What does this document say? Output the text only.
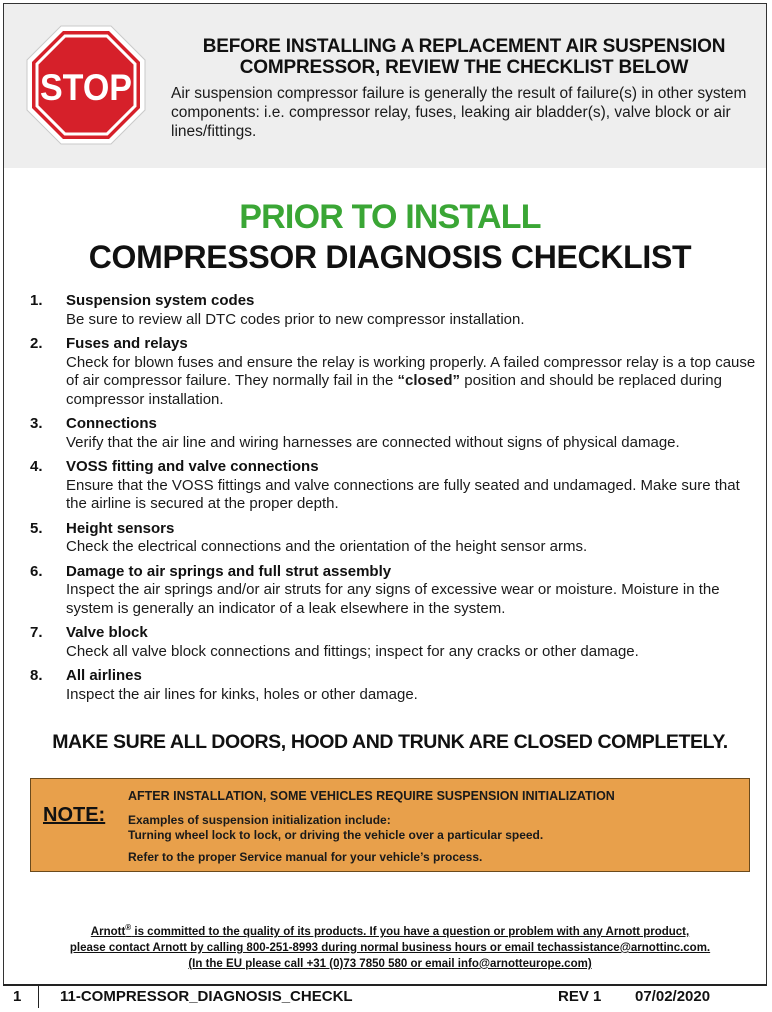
STOP
BEFORE INSTALLING A REPLACEMENT AIR SUSPENSION
COMPRESSOR, REVIEW THE CHECKLIST BELOW

Air suspension compressor failure is generally the result of failure(s) in other system components: i.e. compressor relay, fuses, leaking air bladder(s), valve block or air lines/fittings.

PRIOR TO INSTALL
COMPRESSOR DIAGNOSIS CHECKLIST
1. Suspension system codes
Be sure to review all DTC codes prior to new compressor installation.
2. Fuses and relays
Check for blown fuses and ensure the relay is working properly. A failed compressor relay is a top cause of air compressor failure. They normally fail in the “closed” position and should be replaced during compressor installation.
3. Connections
Verify that the air line and wiring harnesses are connected without signs of physical damage.
4. VOSS fitting and valve connections
Ensure that the VOSS fittings and valve connections are fully seated and undamaged. Make sure that the airline is secured at the proper depth.
5. Height sensors
Check the electrical connections and the orientation of the height sensor arms.
6. Damage to air springs and full strut assembly
Inspect the air springs and/or air struts for any signs of excessive wear or moisture. Moisture in the system is generally an indicator of a leak elsewhere in the system.
7. Valve block
Check all valve block connections and fittings; inspect for any cracks or other damage.
8. All airlines
Inspect the air lines for kinks, holes or other damage.

MAKE SURE ALL DOORS, HOOD AND TRUNK ARE CLOSED COMPLETELY.

NOTE:
AFTER INSTALLATION, SOME VEHICLES REQUIRE SUSPENSION INITIALIZATION
Examples of suspension initialization include:
Turning wheel lock to lock, or driving the vehicle over a particular speed.
Refer to the proper Service manual for your vehicle’s process.

Arnott® is committed to the quality of its products. If you have a question or problem with any Arnott product,
please contact Arnott by calling 800-251-8993 during normal business hours or email techassistance@arnottinc.com.
(In the EU please call +31 (0)73 7850 580 or email info@arnotteurope.com)

1	11-COMPRESSOR_DIAGNOSIS_CHECKL	REV 1 07/02/2020
